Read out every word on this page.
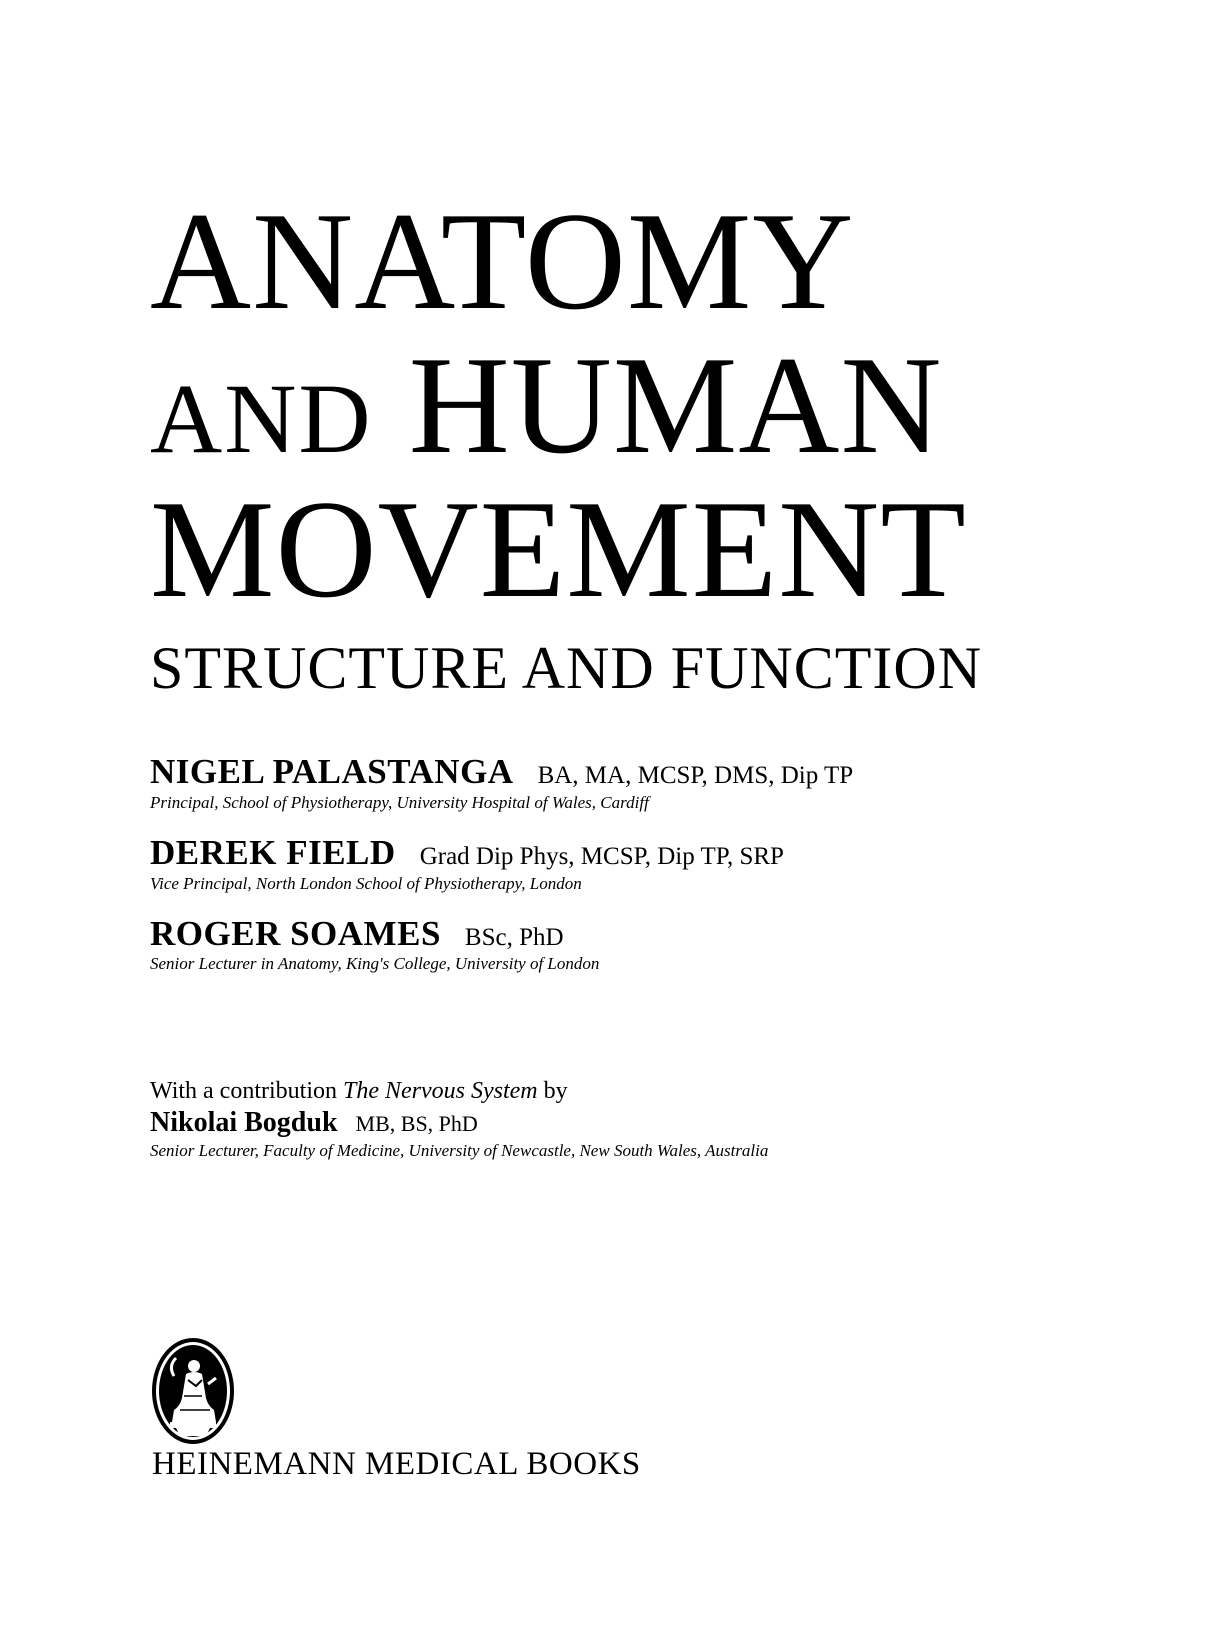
ANATOMY
AND HUMAN
MOVEMENT
STRUCTURE AND FUNCTION
NIGEL PALASTANGA BA, MA, MCSP, DMS, Dip TP
Principal, School of Physiotherapy, University Hospital of Wales, Cardiff
DEREK FIELD Grad Dip Phys, MCSP, Dip TP, SRP
Vice Principal, North London School of Physiotherapy, London
ROGER SOAMES BSc, PhD
Senior Lecturer in Anatomy, King's College, University of London
With a contribution The Nervous System by
Nikolai Bogduk MB, BS, PhD
Senior Lecturer, Faculty of Medicine, University of Newcastle, New South Wales, Australia
HEINEMANN MEDICAL BOOKS
